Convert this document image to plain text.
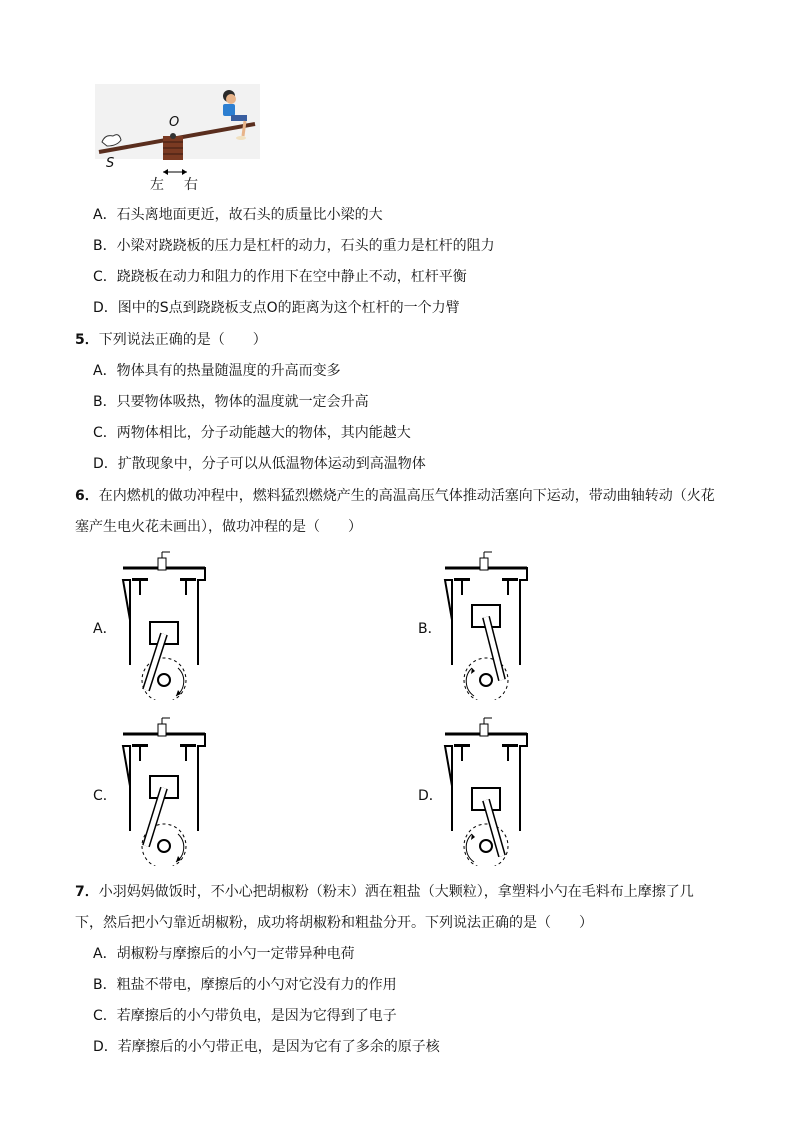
O
S
左 右
A．石头离地面更近，故石头的质量比小梁的大
B．小梁对跷跷板的压力是杠杆的动力，石头的重力是杠杆的阻力
C．跷跷板在动力和阻力的作用下在空中静止不动，杠杆平衡
D．图中的S点到跷跷板支点O的距离为这个杠杆的一个力臂
5．下列说法正确的是（　　）
A．物体具有的热量随温度的升高而变多
B．只要物体吸热，物体的温度就一定会升高
C．两物体相比，分子动能越大的物体，其内能越大
D．扩散现象中，分子可以从低温物体运动到高温物体
6．在内燃机的做功冲程中，燃料猛烈燃烧产生的高温高压气体推动活塞向下运动，带动曲轴转动（火花
塞产生电火花未画出），做功冲程的是（　　）
A．	B．
C．	D．
7．小羽妈妈做饭时，不小心把胡椒粉（粉末）洒在粗盐（大颗粒），拿塑料小勺在毛料布上摩擦了几
下，然后把小勺靠近胡椒粉，成功将胡椒粉和粗盐分开。下列说法正确的是（　　）
A．胡椒粉与摩擦后的小勺一定带异种电荷
B．粗盐不带电，摩擦后的小勺对它没有力的作用
C．若摩擦后的小勺带负电，是因为它得到了电子
D．若摩擦后的小勺带正电，是因为它有了多余的原子核
